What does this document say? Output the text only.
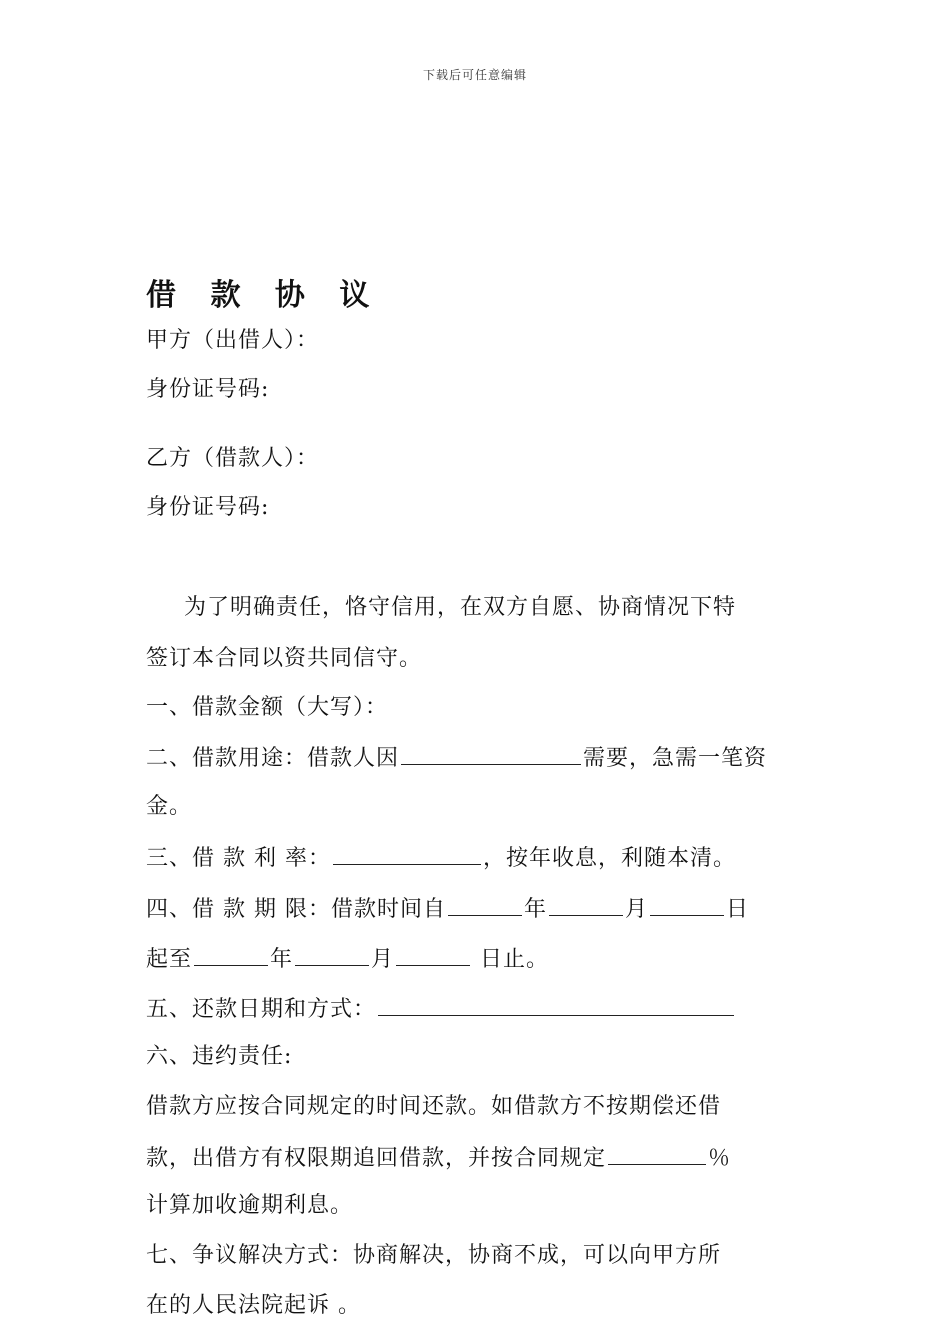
下载后可任意编辑
借 款 协 议
甲方（出借人）：
身份证号码:
乙方（借款人）：
身份证号码:
为了明确责任，恪守信用，在双方自愿、协商情况下特
签订本合同以资共同信守。
一、借款金额（大写）：
二、借款用途：借款人因	需要，急需一笔资
金。
三、借 款 利 率：	，按年收息，利随本清。
四、借 款 期 限：借款时间自	年	月	日
起至	年	月	日止。
五、还款日期和方式：
六、违约责任:
借款方应按合同规定的时间还款。如借款方不按期偿还借
款，出借方有权限期追回借款，并按合同规定	％
计算加收逾期利息。
七、争议解决方式：协商解决，协商不成，可以向甲方所
在的人民法院起诉 。
